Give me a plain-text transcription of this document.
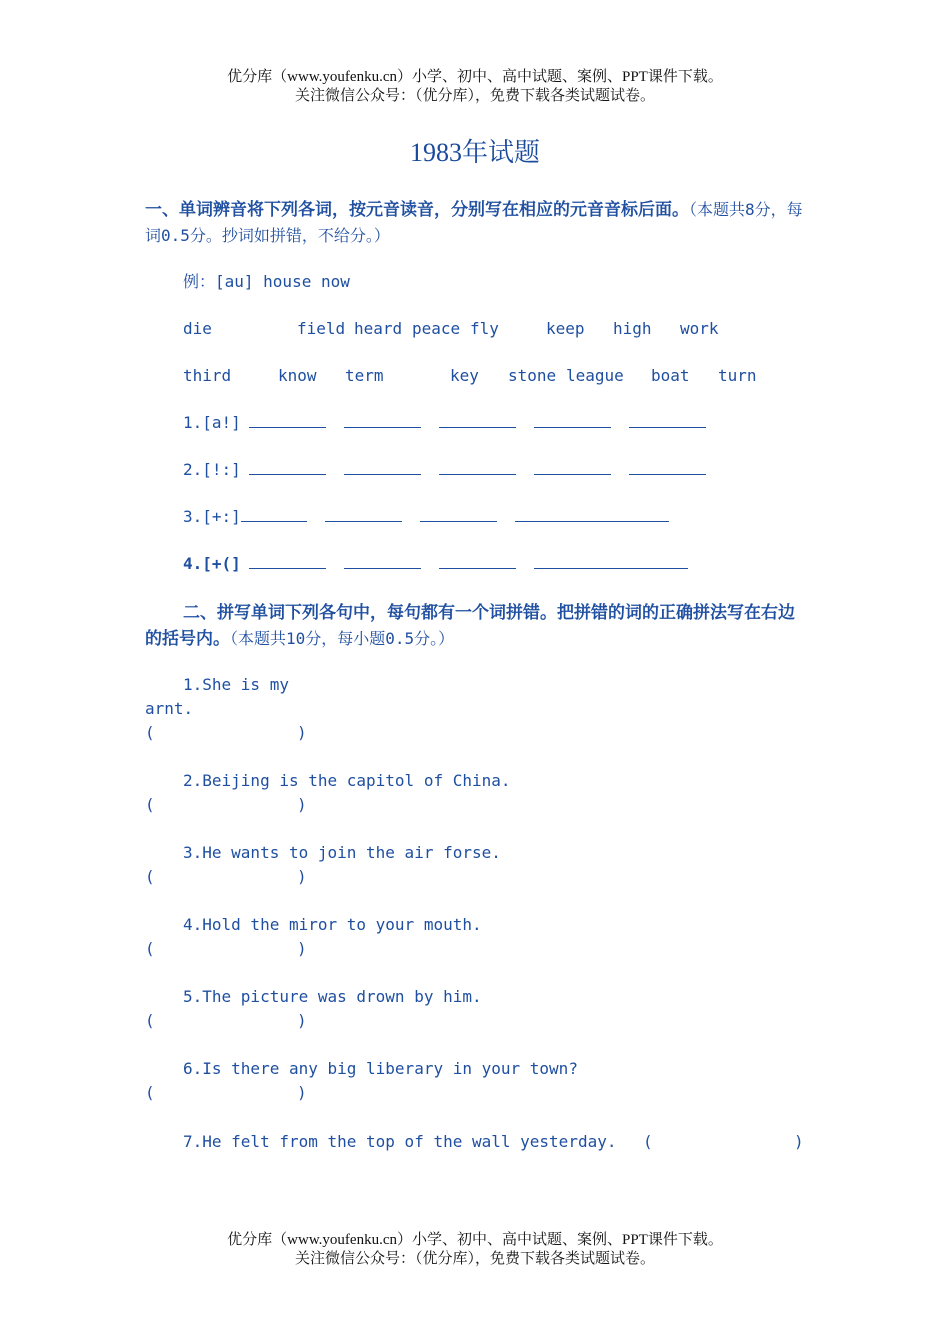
优分库（www.youfenku.cn）小学、初中、高中试题、案例、PPT课件下载。
关注微信公众号：（优分库），免费下载各类试题试卷。
1983年试题
一、单词辨音将下列各词，按元音读音，分别写在相应的元音音标后面。（本题共8分，每词0.5分。抄词如拼错，不给分。）
例：[au] house now
die	field heard peace fly	keep high work
third	know term	key stone league boat turn
1.[a!]
2.[!:]
3.[+:]
4.[+(]
二、拼写单词下列各句中，每句都有一个词拼错。把拼错的词的正确拼法写在右边的括号内。（本题共10分，每小题0.5分。）
1.She is my
arnt.
(	)
2.Beijing is the capitol of China.
(	)
3.He wants to join the air forse.
(	)
4.Hold the miror to your mouth.
(	)
5.The picture was drown by him.
(	)
6.Is there any big liberary in your town?
(	)
7.He felt from the top of the wall yesterday. (	)
优分库（www.youfenku.cn）小学、初中、高中试题、案例、PPT课件下载。
关注微信公众号：（优分库），免费下载各类试题试卷。
